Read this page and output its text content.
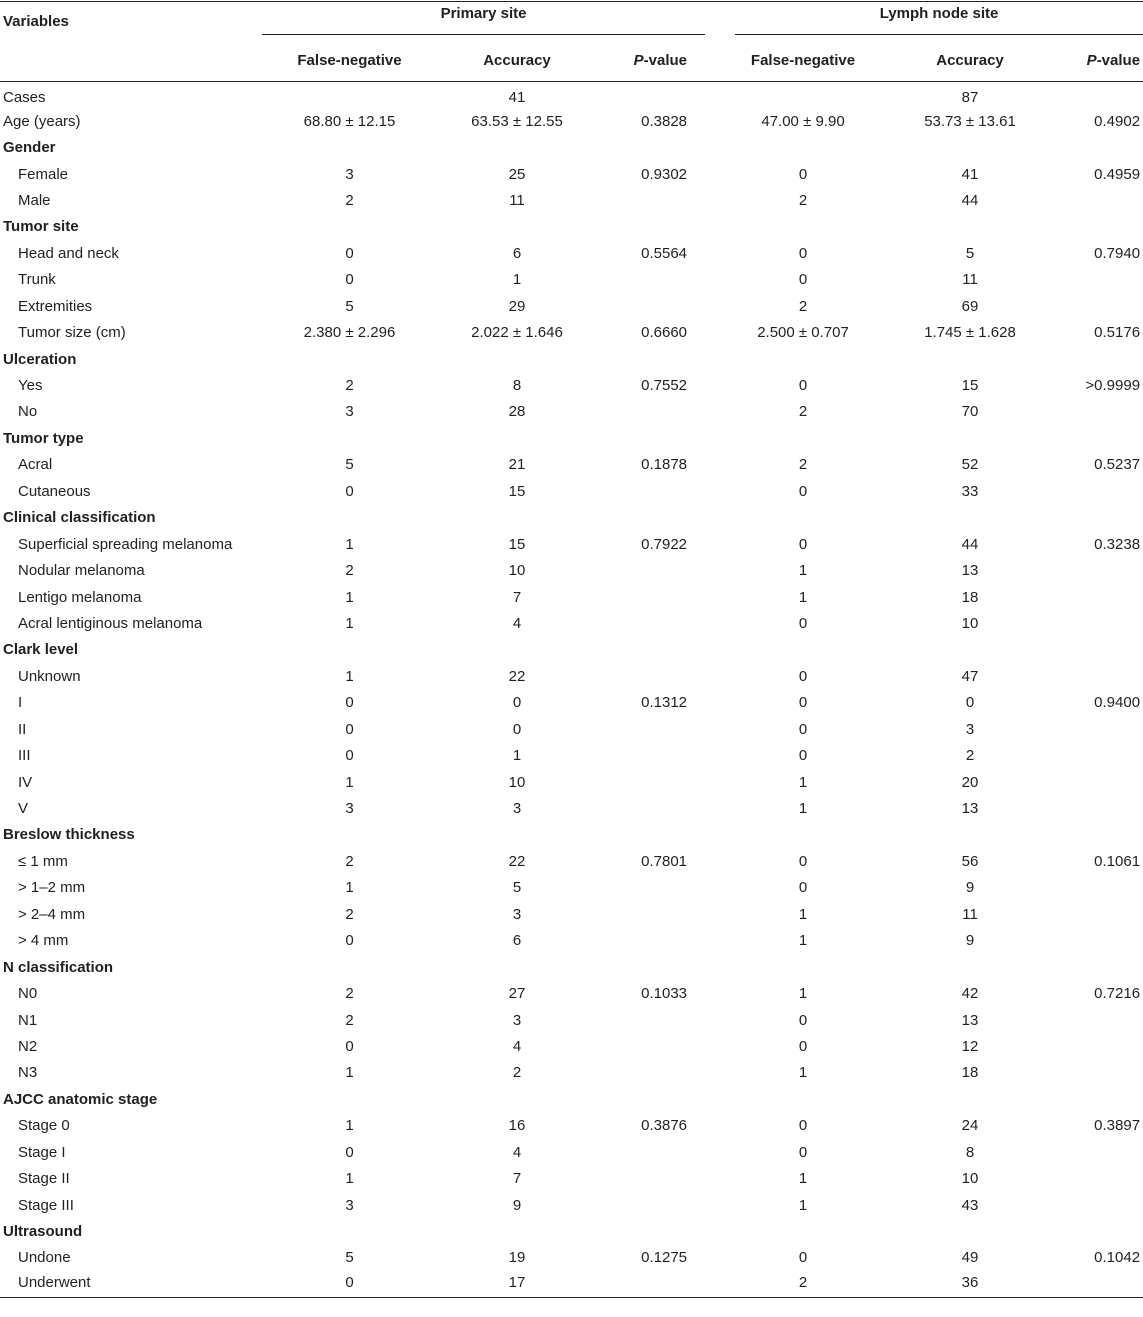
Variables	Primary site				Lymph node site		

	False-negative	Accuracy	P-value		False-negative	Accuracy	P-value
Cases		41				87	
Age (years)	68.80 ± 12.15	63.53 ± 12.55	0.3828		47.00 ± 9.90	53.73 ± 13.61	0.4902
Gender							
Female	3	25	0.9302		0	41	0.4959
Male	2	11			2	44	
Tumor site							
Head and neck	0	6	0.5564		0	5	0.7940
Trunk	0	1			0	11	
Extremities	5	29			2	69	
Tumor size (cm)	2.380 ± 2.296	2.022 ± 1.646	0.6660		2.500 ± 0.707	1.745 ± 1.628	0.5176
Ulceration							
Yes	2	8	0.7552		0	15	>0.9999
No	3	28			2	70	
Tumor type							
Acral	5	21	0.1878		2	52	0.5237
Cutaneous	0	15			0	33	
Clinical classification							
Superficial spreading melanoma	1	15	0.7922		0	44	0.3238
Nodular melanoma	2	10			1	13	
Lentigo melanoma	1	7			1	18	
Acral lentiginous melanoma	1	4			0	10	
Clark level							
Unknown	1	22			0	47	
I	0	0	0.1312		0	0	0.9400
II	0	0			0	3	
III	0	1			0	2	
IV	1	10			1	20	
V	3	3			1	13	
Breslow thickness							
≤ 1 mm	2	22	0.7801		0	56	0.1061
> 1–2 mm	1	5			0	9	
> 2–4 mm	2	3			1	11	
> 4 mm	0	6			1	9	
N classification							
N0	2	27	0.1033		1	42	0.7216
N1	2	3			0	13	
N2	0	4			0	12	
N3	1	2			1	18	
AJCC anatomic stage							
Stage 0	1	16	0.3876		0	24	0.3897
Stage I	0	4			0	8	
Stage II	1	7			1	10	
Stage III	3	9			1	43	
Ultrasound							
Undone	5	19	0.1275		0	49	0.1042
Underwent	0	17			2	36	
